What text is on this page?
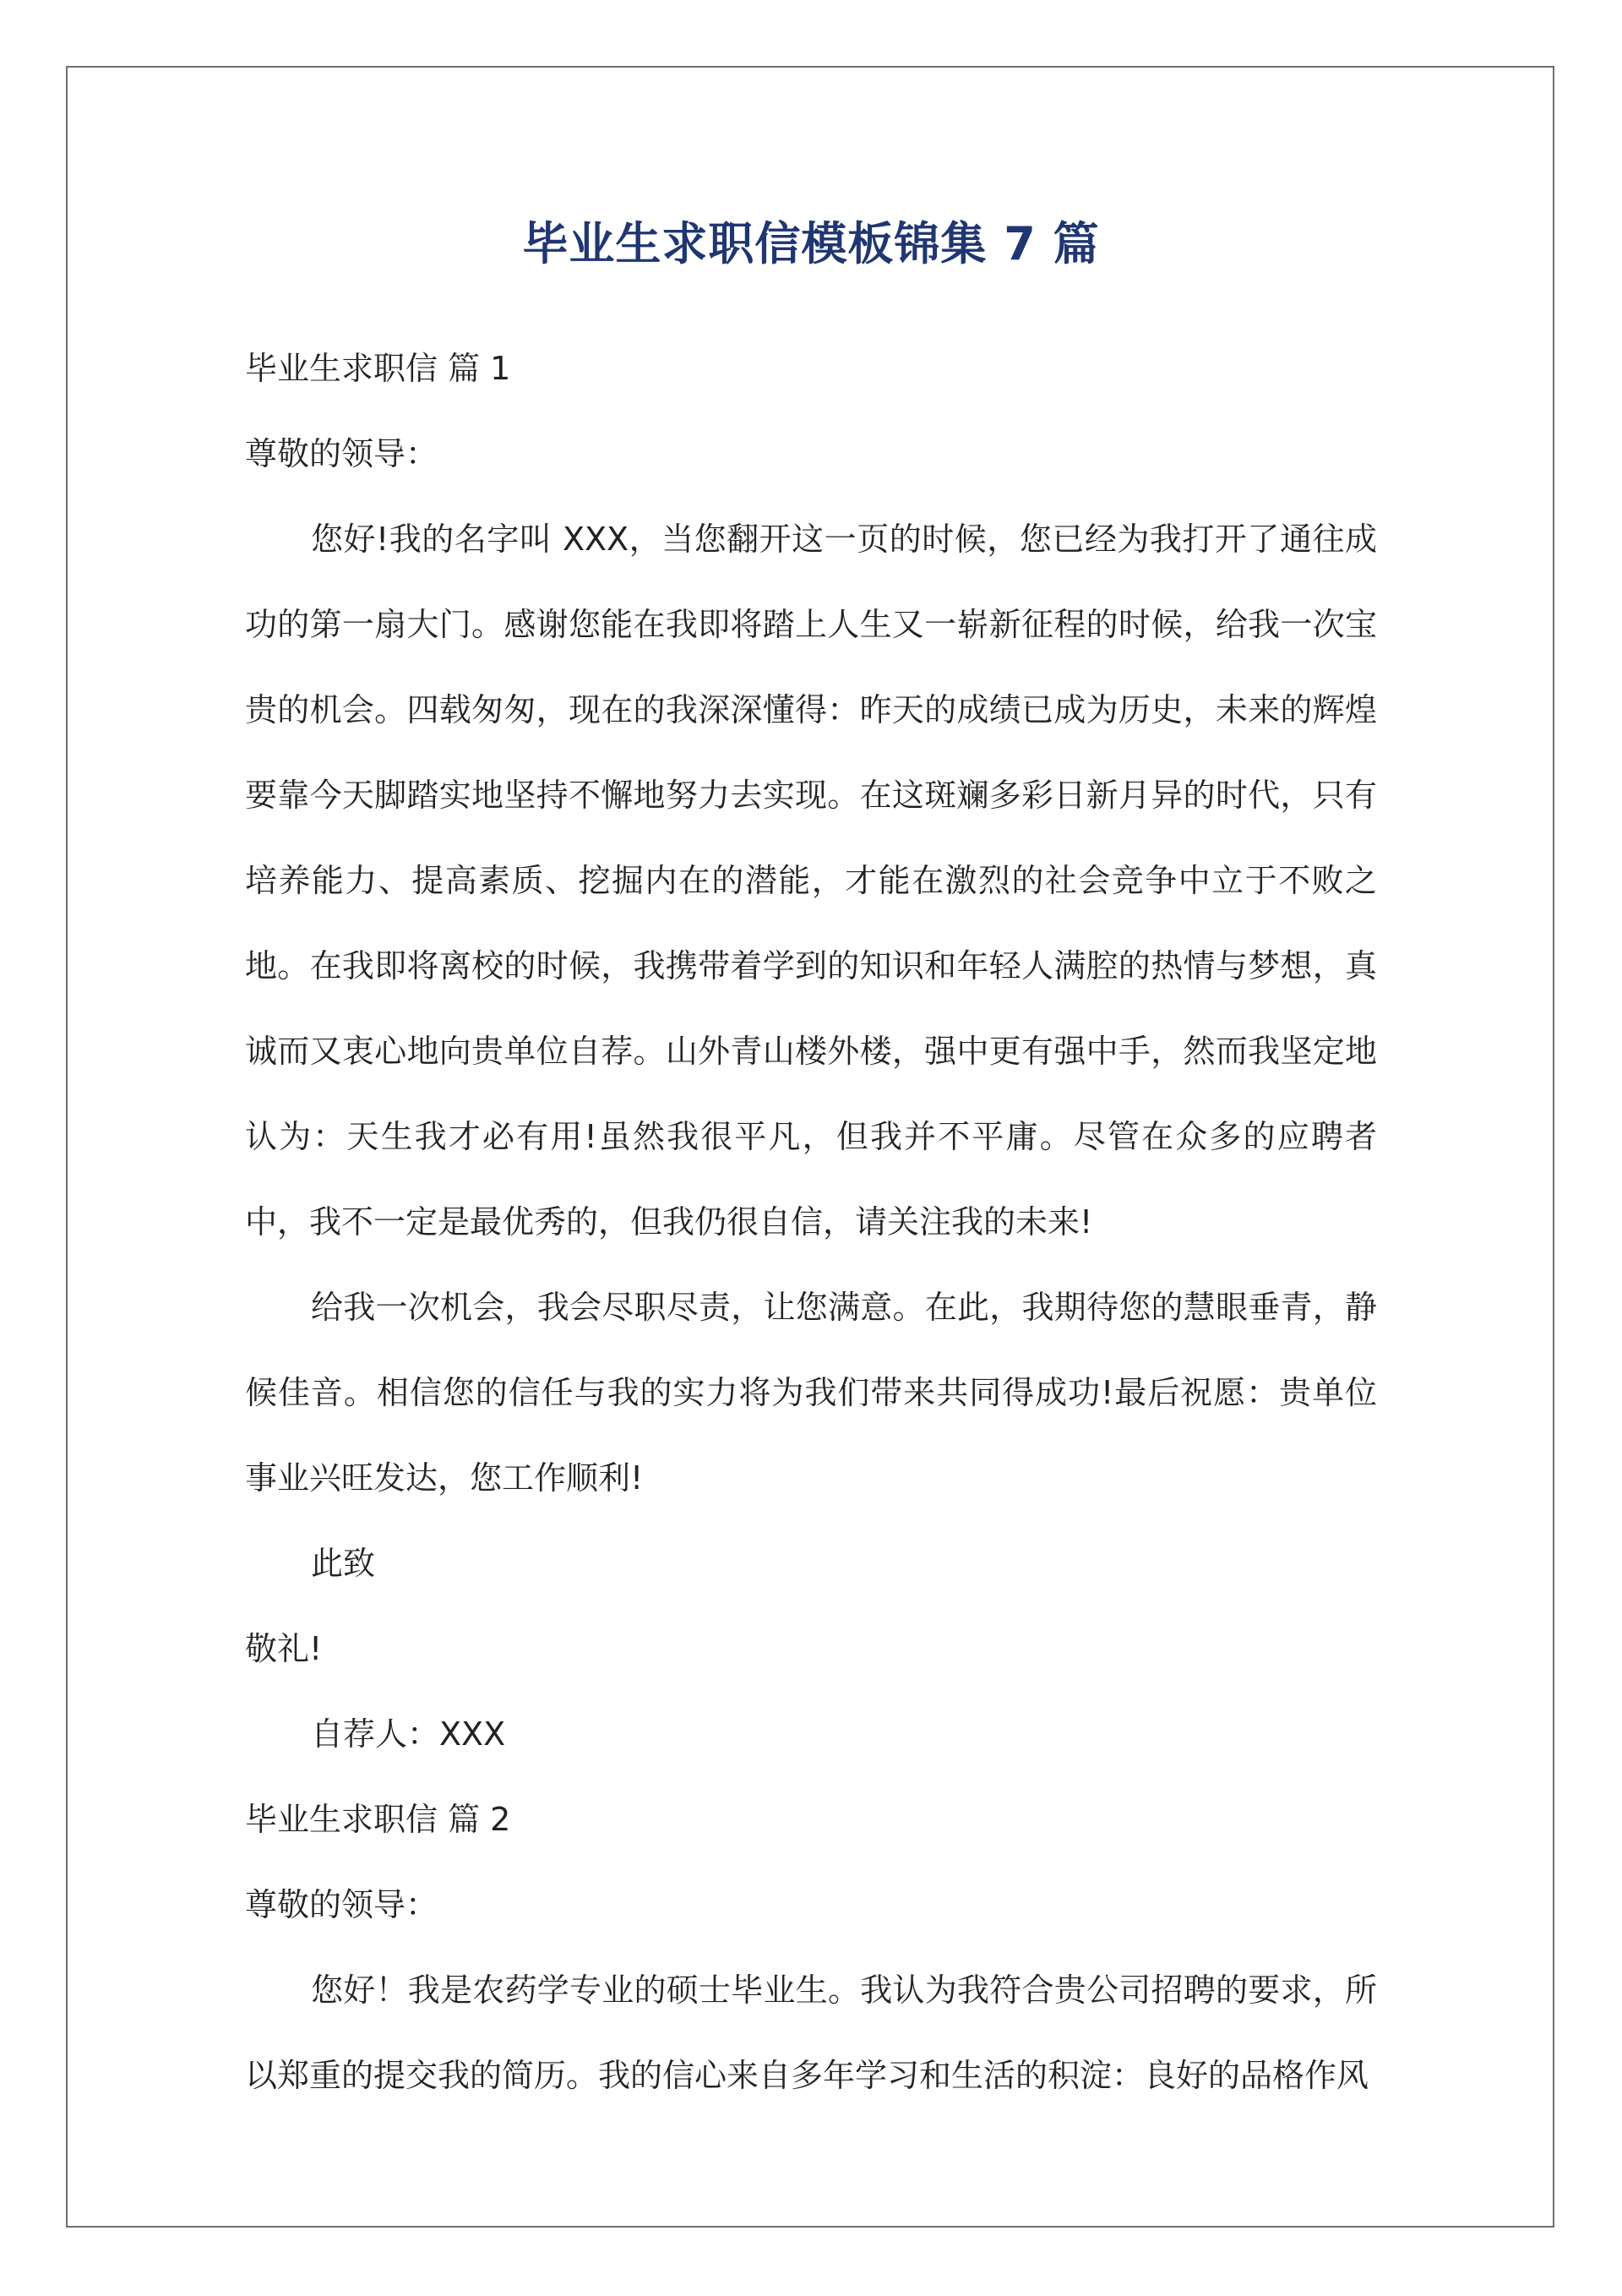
毕业生求职信模板锦集 7 篇
毕业生求职信 篇 1
尊敬的领导：

您好!我的名字叫 XXX，当您翻开这一页的时候，您已经为我打开了通往成功的第一扇大门。感谢您能在我即将踏上人生又一崭新征程的时候，给我一次宝贵的机会。四载匆匆，现在的我深深懂得：昨天的成绩已成为历史，未来的辉煌要靠今天脚踏实地坚持不懈地努力去实现。在这斑斓多彩日新月异的时代，只有培养能力、提高素质、挖掘内在的潜能，才能在激烈的社会竞争中立于不败之地。在我即将离校的时候，我携带着学到的知识和年轻人满腔的热情与梦想，真诚而又衷心地向贵单位自荐。山外青山楼外楼，强中更有强中手，然而我坚定地认为：天生我才必有用!虽然我很平凡，但我并不平庸。尽管在众多的应聘者中，我不一定是最优秀的，但我仍很自信，请关注我的未来!

给我一次机会，我会尽职尽责，让您满意。在此，我期待您的慧眼垂青，静候佳音。相信您的信任与我的实力将为我们带来共同得成功!最后祝愿：贵单位事业兴旺发达，您工作顺利!

此致
敬礼!
自荐人：XXX
毕业生求职信 篇 2
尊敬的领导：

您好！我是农药学专业的硕士毕业生。我认为我符合贵公司招聘的要求，所以郑重的提交我的简历。我的信心来自多年学习和生活的积淀：良好的品格作风
